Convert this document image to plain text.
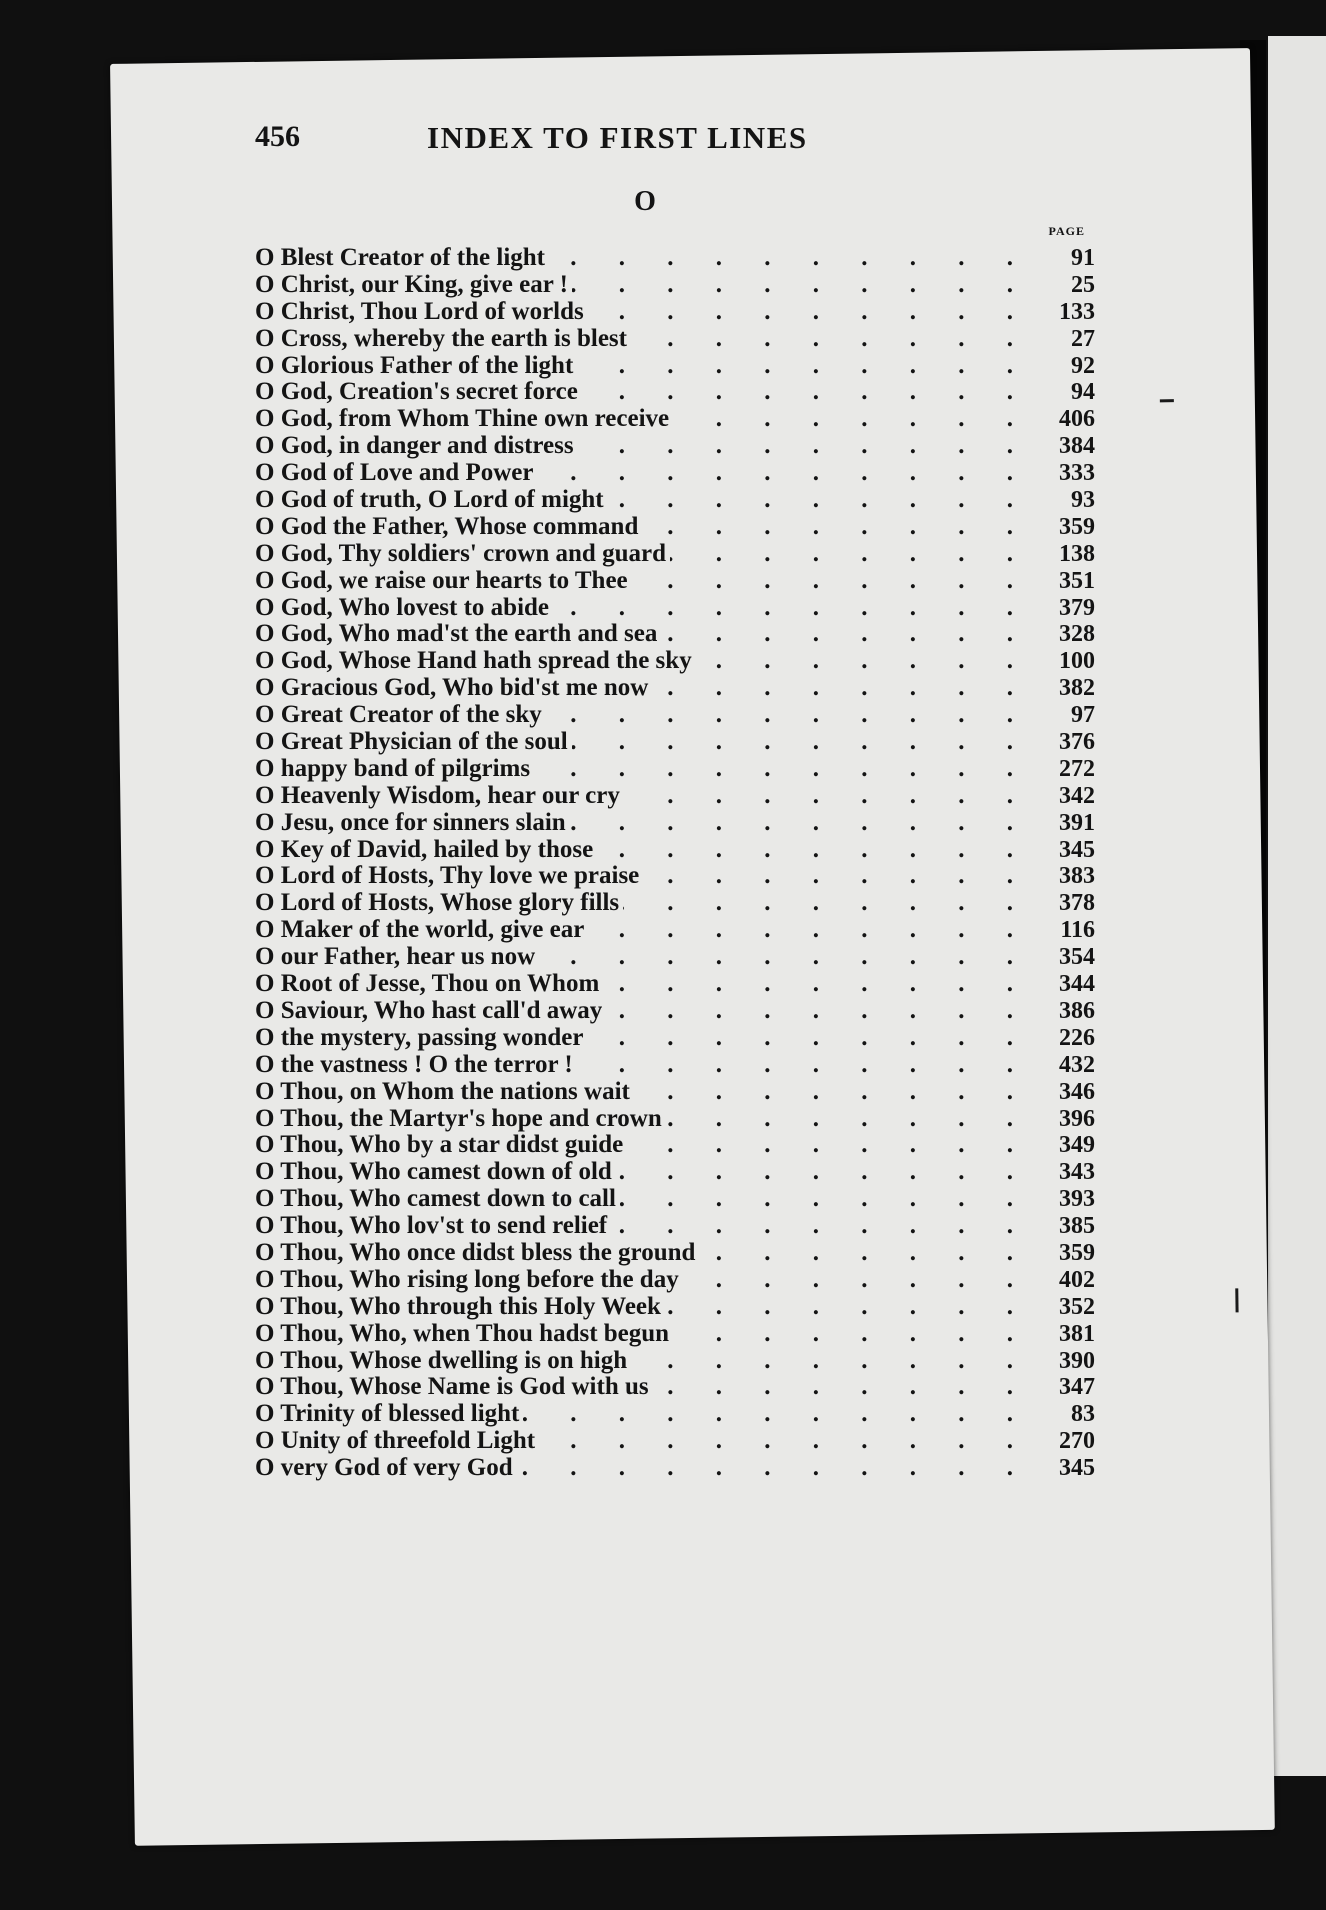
456	INDEX TO FIRST LINES
O
PAGE
O Blest Creator of the light . . .	91
O Christ, our King, give ear ! . . .	25
O Christ, Thou Lord of worlds . . .	133
O Cross, whereby the earth is blest . . .	27
O Glorious Father of the light . . .	92
O God, Creation's secret force . . .	94
O God, from Whom Thine own receive . . .	406
O God, in danger and distress . . .	384
O God of Love and Power . . .	333
O God of truth, O Lord of might . . .	93
O God the Father, Whose command . . .	359
O God, Thy soldiers' crown and guard . . .	138
O God, we raise our hearts to Thee . . .	351
O God, Who lovest to abide . . .	379
O God, Who mad'st the earth and sea . . .	328
O God, Whose Hand hath spread the sky . . .	100
O Gracious God, Who bid'st me now . . .	382
O Great Creator of the sky . . .	97
O Great Physician of the soul . . .	376
O happy band of pilgrims . . .	272
O Heavenly Wisdom, hear our cry . . .	342
O Jesu, once for sinners slain . . .	391
O Key of David, hailed by those . . .	345
O Lord of Hosts, Thy love we praise . . .	383
O Lord of Hosts, Whose glory fills . . .	378
O Maker of the world, give ear . . .	116
O our Father, hear us now . . .	354
O Root of Jesse, Thou on Whom . . .	344
O Saviour, Who hast call'd away . . .	386
O the mystery, passing wonder . . .	226
O the vastness ! O the terror ! . . .	432
O Thou, on Whom the nations wait . . .	346
O Thou, the Martyr's hope and crown . . .	396
O Thou, Who by a star didst guide . . .	349
O Thou, Who camest down of old . . .	343
O Thou, Who camest down to call . . .	393
O Thou, Who lov'st to send relief . . .	385
O Thou, Who once didst bless the ground . . .	359
O Thou, Who rising long before the day . . .	402
O Thou, Who through this Holy Week . . .	352
O Thou, Who, when Thou hadst begun . . .	381
O Thou, Whose dwelling is on high . . .	390
O Thou, Whose Name is God with us . . .	347
O Trinity of blessed light . . .	83
O Unity of threefold Light . . .	270
O very God of very God . . .	345
